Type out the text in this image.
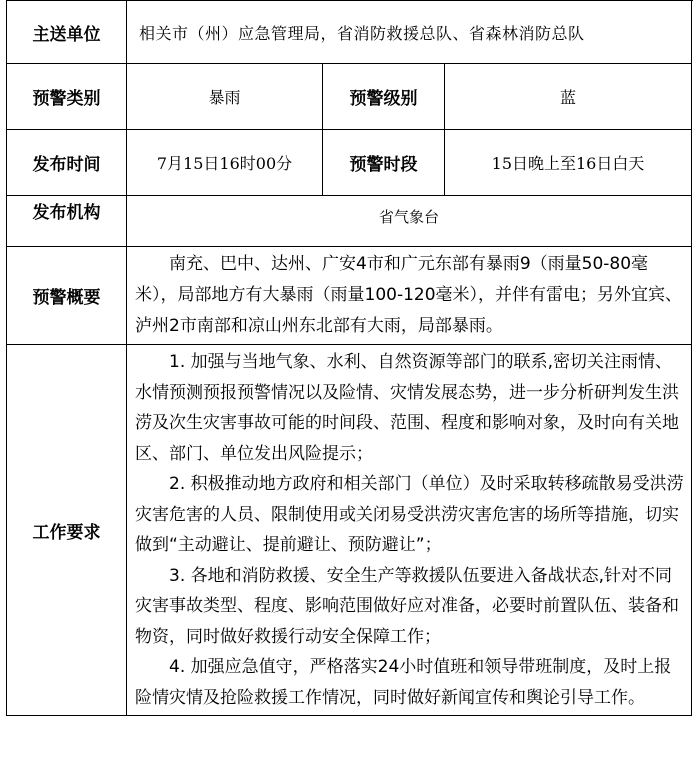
主送单位	相关市（州）应急管理局，省消防救援总队、省森林消防总队		
预警类别	暴雨	预警级别	蓝
发布时间	7月15日16时00分	预警时段	15日晚上至16日白天
发布机构	省气象台		
预警概要	南充、巴中、达州、广安4市和广元东部有暴雨9（雨量50-80毫米），局部地方有大暴雨（雨量100-120毫米），并伴有雷电；另外宜宾、泸州2市南部和凉山州东北部有大雨，局部暴雨。		
工作要求	1. 加强与当地气象、水利、自然资源等部门的联系,密切关注雨情、水情预测预报预警情况以及险情、灾情发展态势，进一步分析研判发生洪涝及次生灾害事故可能的时间段、范围、程度和影响对象，及时向有关地区、部门、单位发出风险提示；

2. 积极推动地方政府和相关部门（单位）及时采取转移疏散易受洪涝灾害危害的人员、限制使用或关闭易受洪涝灾害危害的场所等措施，切实做到“主动避让、提前避让、预防避让”；

3. 各地和消防救援、安全生产等救援队伍要进入备战状态,针对不同灾害事故类型、程度、影响范围做好应对准备，必要时前置队伍、装备和物资，同时做好救援行动安全保障工作；

4. 加强应急值守，严格落实24小时值班和领导带班制度，及时上报险情灾情及抢险救援工作情况，同时做好新闻宣传和舆论引导工作。		
